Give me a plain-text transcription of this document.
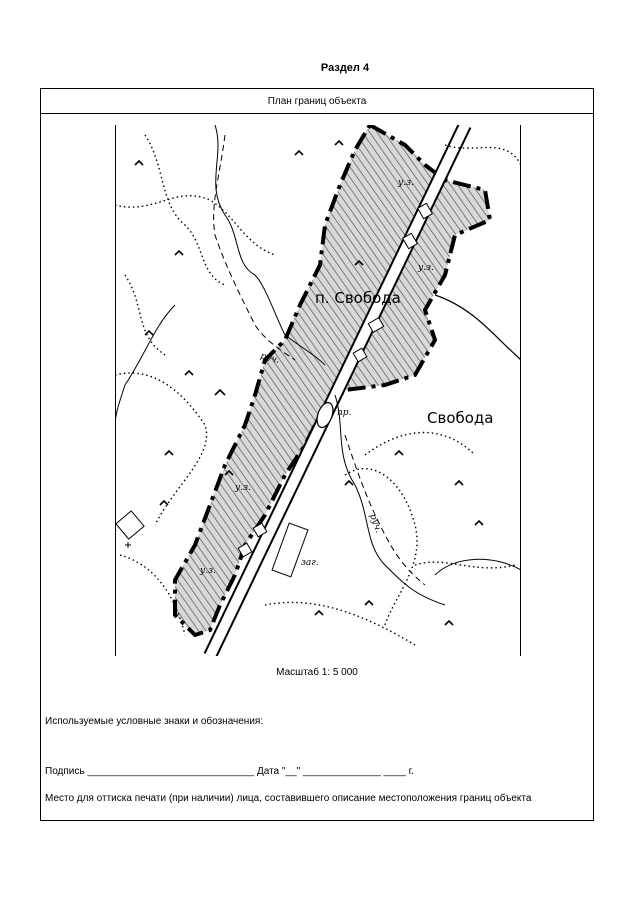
Раздел 4
План границ объекта
п. Свобода
Свобода
руч.
руч.
пр.
заг.
у.з.
у.з.
у.з.
у.з.
Масштаб 1: 5 000
Используемые условные знаки и обозначения:
Подпись ______________________________ Дата "__" ______________ ____ г.
Место для оттиска печати (при наличии) лица, составившего описание местоположения границ объекта
